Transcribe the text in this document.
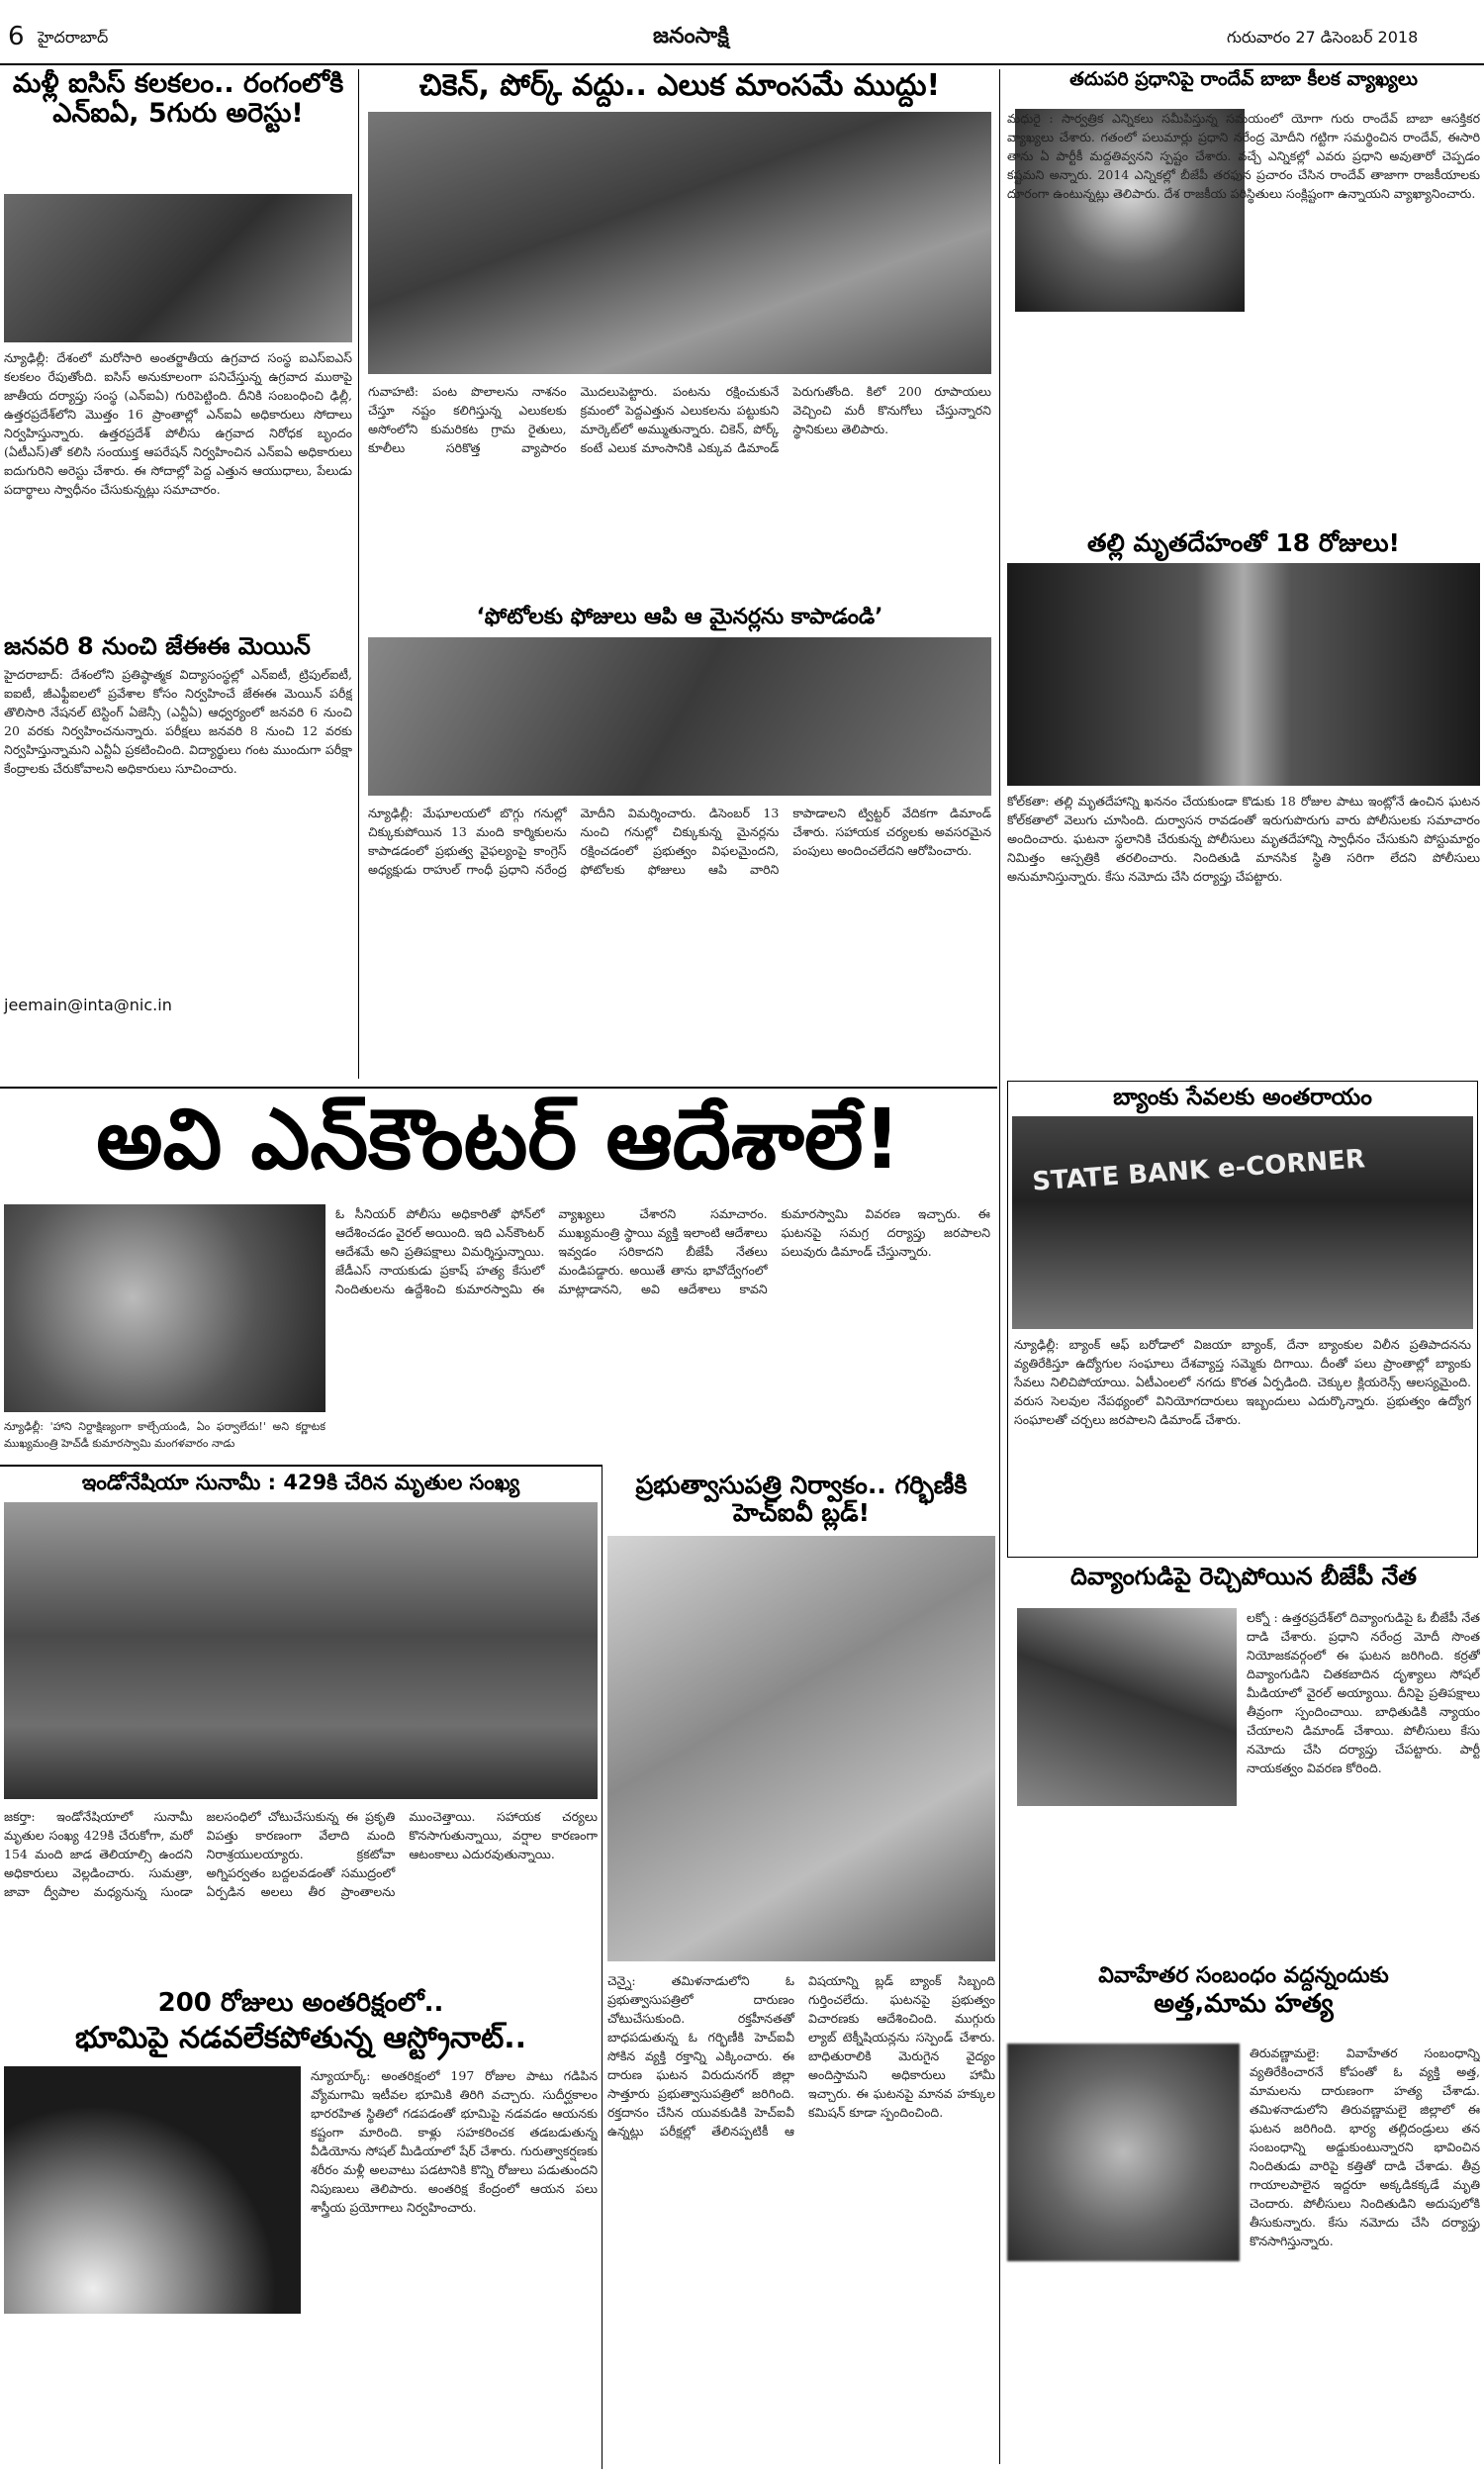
6 హైదరాబాద్	జనంసాక్షి	గురువారం 27 డిసెంబర్ 2018
మళ్లీ ఐసిస్ కలకలం.. రంగంలోకి ఎన్ఐఏ, 5గురు అరెస్టు!
న్యూఢిల్లీ: దేశంలో మరోసారి అంతర్జాతీయ ఉగ్రవాద సంస్థ ఐఎస్ఐఎస్ కలకలం రేపుతోంది. ఐసిస్ అనుకూలంగా పనిచేస్తున్న ఉగ్రవాద ముఠాపై జాతీయ దర్యాప్తు సంస్థ (ఎన్ఐఏ) గురిపెట్టింది. దీనికి సంబంధించి ఢిల్లీ, ఉత్తరప్రదేశ్‌లోని మొత్తం 16 ప్రాంతాల్లో ఎన్ఐఏ అధికారులు సోదాలు నిర్వహిస్తున్నారు. ఉత్తరప్రదేశ్ పోలీసు ఉగ్రవాద నిరోధక బృందం (ఏటీఎస్)తో కలిసి సంయుక్త ఆపరేషన్ నిర్వహించిన ఎన్ఐఏ అధికారులు ఐదుగురిని అరెస్టు చేశారు. ఈ సోదాల్లో పెద్ద ఎత్తున ఆయుధాలు, పేలుడు పదార్థాలు స్వాధీనం చేసుకున్నట్లు సమాచారం.
జనవరి 8 నుంచి జేఈఈ మెయిన్
హైదరాబాద్: దేశంలోని ప్రతిష్ఠాత్మక విద్యాసంస్థల్లో ఎన్ఐటీ, ట్రిపుల్ఐటీ, ఐఐటీ, జీఎఫ్టీఐలలో ప్రవేశాల కోసం నిర్వహించే జేఈఈ మెయిన్ పరీక్ష తొలిసారి నేషనల్ టెస్టింగ్ ఏజెన్సీ (ఎన్టీఏ) ఆధ్వర్యంలో జనవరి 6 నుంచి 20 వరకు నిర్వహించనున్నారు. పరీక్షలు జనవరి 8 నుంచి 12 వరకు నిర్వహిస్తున్నామని ఎన్టీఏ ప్రకటించింది. విద్యార్థులు గంట ముందుగా పరీక్షా కేంద్రాలకు చేరుకోవాలని అధికారులు సూచించారు.
jeemain@inta@nic.in
చికెన్, పోర్క్ వద్దు.. ఎలుక మాంసమే ముద్దు!
గువాహటి: పంట పొలాలను నాశనం చేస్తూ నష్టం కలిగిస్తున్న ఎలుకలకు అసోంలోని కుమరికట గ్రామ రైతులు, కూలీలు సరికొత్త వ్యాపారం మొదలుపెట్టారు. పంటను రక్షించుకునే క్రమంలో పెద్దఎత్తున ఎలుకలను పట్టుకుని మార్కెట్‌లో అమ్ముతున్నారు. చికెన్, పోర్క్ కంటే ఎలుక మాంసానికి ఎక్కువ డిమాండ్ పెరుగుతోంది. కిలో 200 రూపాయలు వెచ్చించి మరీ కొనుగోలు చేస్తున్నారని స్థానికులు తెలిపారు.
‘ఫోటోలకు ఫోజులు ఆపి ఆ మైనర్లను కాపాడండి’
న్యూఢిల్లీ: మేఘాలయలో బొగ్గు గనుల్లో చిక్కుకుపోయిన 13 మంది కార్మికులను కాపాడడంలో ప్రభుత్వ వైఫల్యంపై కాంగ్రెస్ అధ్యక్షుడు రాహుల్ గాంధీ ప్రధాని నరేంద్ర మోదీని విమర్శించారు. డిసెంబర్ 13 నుంచి గనుల్లో చిక్కుకున్న మైనర్లను రక్షించడంలో ప్రభుత్వం విఫలమైందని, ఫోటోలకు ఫోజులు ఆపి వారిని కాపాడాలని ట్విట్టర్ వేదికగా డిమాండ్ చేశారు. సహాయక చర్యలకు అవసరమైన పంపులు అందించలేదని ఆరోపించారు.
అవి ఎన్‌కౌంటర్ ఆదేశాలే!
న్యూఢిల్లీ: 'హాని నిర్దాక్షిణ్యంగా కాల్చేయండి, ఏం ఫర్వాలేదు!' అని కర్ణాటక ముఖ్యమంత్రి హెచ్‌డీ కుమారస్వామి మంగళవారం నాడు
ఓ సీనియర్ పోలీసు అధికారితో ఫోన్‌లో ఆదేశించడం వైరల్ అయింది. ఇది ఎన్‌కౌంటర్ ఆదేశమే అని ప్రతిపక్షాలు విమర్శిస్తున్నాయి. జేడీఎస్ నాయకుడు ప్రకాష్ హత్య కేసులో నిందితులను ఉద్దేశించి కుమారస్వామి ఈ వ్యాఖ్యలు చేశారని సమాచారం. ముఖ్యమంత్రి స్థాయి వ్యక్తి ఇలాంటి ఆదేశాలు ఇవ్వడం సరికాదని బీజేపీ నేతలు మండిపడ్డారు. అయితే తాను భావోద్వేగంలో మాట్లాడానని, అవి ఆదేశాలు కావని కుమారస్వామి వివరణ ఇచ్చారు. ఈ ఘటనపై సమగ్ర దర్యాప్తు జరపాలని పలువురు డిమాండ్ చేస్తున్నారు.
ఇండోనేషియా సునామీ : 429కి చేరిన మృతుల సంఖ్య
జకర్తా: ఇండోనేషియాలో సునామీ మృతుల సంఖ్య 429కి చేరుకోగా, మరో 154 మంది జాడ తెలియాల్సి ఉందని అధికారులు వెల్లడించారు. సుమత్రా, జావా ద్వీపాల మధ్యనున్న సుండా జలసంధిలో చోటుచేసుకున్న ఈ ప్రకృతి విపత్తు కారణంగా వేలాది మంది నిరాశ్రయులయ్యారు. క్రకటోవా అగ్నిపర్వతం బద్దలవడంతో సముద్రంలో ఏర్పడిన అలలు తీర ప్రాంతాలను ముంచెత్తాయి. సహాయక చర్యలు కొనసాగుతున్నాయి, వర్షాల కారణంగా ఆటంకాలు ఎదురవుతున్నాయి.
200 రోజులు అంతరిక్షంలో..
భూమిపై నడవలేకపోతున్న ఆస్ట్రోనాట్..
న్యూయార్క్: అంతరిక్షంలో 197 రోజుల పాటు గడిపిన వ్యోమగామి ఇటీవల భూమికి తిరిగి వచ్చారు. సుదీర్ఘకాలం భారరహిత స్థితిలో గడపడంతో భూమిపై నడవడం ఆయనకు కష్టంగా మారింది. కాళ్లు సహకరించక తడబడుతున్న వీడియోను సోషల్ మీడియాలో షేర్ చేశారు. గురుత్వాకర్షణకు శరీరం మళ్లీ అలవాటు పడటానికి కొన్ని రోజులు పడుతుందని నిపుణులు తెలిపారు. అంతరిక్ష కేంద్రంలో ఆయన పలు శాస్త్రీయ ప్రయోగాలు నిర్వహించారు.
ప్రభుత్వాసుపత్రి నిర్వాకం.. గర్భిణీకి హెచ్ఐవీ బ్లడ్!
చెన్నై: తమిళనాడులోని ఓ ప్రభుత్వాసుపత్రిలో దారుణం చోటుచేసుకుంది. రక్తహీనతతో బాధపడుతున్న ఓ గర్భిణీకి హెచ్ఐవీ సోకిన వ్యక్తి రక్తాన్ని ఎక్కించారు. ఈ దారుణ ఘటన విరుదునగర్ జిల్లా సాత్తూరు ప్రభుత్వాసుపత్రిలో జరిగింది. రక్తదానం చేసిన యువకుడికి హెచ్ఐవీ ఉన్నట్లు పరీక్షల్లో తేలినప్పటికీ ఆ విషయాన్ని బ్లడ్ బ్యాంక్ సిబ్బంది గుర్తించలేదు. ఘటనపై ప్రభుత్వం విచారణకు ఆదేశించింది. ముగ్గురు ల్యాబ్ టెక్నీషియన్లను సస్పెండ్ చేశారు. బాధితురాలికి మెరుగైన వైద్యం అందిస్తామని అధికారులు హామీ ఇచ్చారు. ఈ ఘటనపై మానవ హక్కుల కమిషన్ కూడా స్పందించింది.
తదుపరి ప్రధానిపై రాందేవ్ బాబా కీలక వ్యాఖ్యలు
మధురై : సార్వత్రిక ఎన్నికలు సమీపిస్తున్న సమయంలో యోగా గురు రాందేవ్ బాబా ఆసక్తికర వ్యాఖ్యలు చేశారు. గతంలో పలుమార్లు ప్రధాని నరేంద్ర మోదీని గట్టిగా సమర్థించిన రాందేవ్, ఈసారి తాను ఏ పార్టీకీ మద్దతివ్వనని స్పష్టం చేశారు. వచ్చే ఎన్నికల్లో ఎవరు ప్రధాని అవుతారో చెప్పడం కష్టమని అన్నారు. 2014 ఎన్నికల్లో బీజేపీ తరఫున ప్రచారం చేసిన రాందేవ్ తాజాగా రాజకీయాలకు దూరంగా ఉంటున్నట్లు తెలిపారు. దేశ రాజకీయ పరిస్థితులు సంక్లిష్టంగా ఉన్నాయని వ్యాఖ్యానించారు.
తల్లి మృతదేహంతో 18 రోజులు!
కోల్‌కతా: తల్లి మృతదేహాన్ని ఖననం చేయకుండా కొడుకు 18 రోజుల పాటు ఇంట్లోనే ఉంచిన ఘటన కోల్‌కతాలో వెలుగు చూసింది. దుర్వాసన రావడంతో ఇరుగుపొరుగు వారు పోలీసులకు సమాచారం అందించారు. ఘటనా స్థలానికి చేరుకున్న పోలీసులు మృతదేహాన్ని స్వాధీనం చేసుకుని పోస్టుమార్టం నిమిత్తం ఆస్పత్రికి తరలించారు. నిందితుడి మానసిక స్థితి సరిగా లేదని పోలీసులు అనుమానిస్తున్నారు. కేసు నమోదు చేసి దర్యాప్తు చేపట్టారు.
బ్యాంకు సేవలకు అంతరాయం
STATE BANK e-CORNER
న్యూఢిల్లీ: బ్యాంక్ ఆఫ్ బరోడాలో విజయా బ్యాంక్, దేనా బ్యాంకుల విలీన ప్రతిపాదనను వ్యతిరేకిస్తూ ఉద్యోగుల సంఘాలు దేశవ్యాప్త సమ్మెకు దిగాయి. దీంతో పలు ప్రాంతాల్లో బ్యాంకు సేవలు నిలిచిపోయాయి. ఏటీఎంలలో నగదు కొరత ఏర్పడింది. చెక్కుల క్లియరెన్స్ ఆలస్యమైంది. వరుస సెలవుల నేపథ్యంలో వినియోగదారులు ఇబ్బందులు ఎదుర్కొన్నారు. ప్రభుత్వం ఉద్యోగ సంఘాలతో చర్చలు జరపాలని డిమాండ్ చేశారు.
దివ్యాంగుడిపై రెచ్చిపోయిన బీజేపీ నేత
లక్నో : ఉత్తరప్రదేశ్‌లో దివ్యాంగుడిపై ఓ బీజేపీ నేత దాడి చేశారు. ప్రధాని నరేంద్ర మోదీ సొంత నియోజకవర్గంలో ఈ ఘటన జరిగింది. కర్రతో దివ్యాంగుడిని చితకబాదిన దృశ్యాలు సోషల్ మీడియాలో వైరల్ అయ్యాయి. దీనిపై ప్రతిపక్షాలు తీవ్రంగా స్పందించాయి. బాధితుడికి న్యాయం చేయాలని డిమాండ్ చేశాయి. పోలీసులు కేసు నమోదు చేసి దర్యాప్తు చేపట్టారు. పార్టీ నాయకత్వం వివరణ కోరింది.
వివాహేతర సంబంధం వద్దన్నందుకు
అత్త,మామ హత్య
తిరువణ్ణామలై: వివాహేతర సంబంధాన్ని వ్యతిరేకించారనే కోపంతో ఓ వ్యక్తి అత్త, మామలను దారుణంగా హత్య చేశాడు. తమిళనాడులోని తిరువణ్ణామలై జిల్లాలో ఈ ఘటన జరిగింది. భార్య తల్లిదండ్రులు తన సంబంధాన్ని అడ్డుకుంటున్నారని భావించిన నిందితుడు వారిపై కత్తితో దాడి చేశాడు. తీవ్ర గాయాలపాలైన ఇద్దరూ అక్కడికక్కడే మృతి చెందారు. పోలీసులు నిందితుడిని అదుపులోకి తీసుకున్నారు. కేసు నమోదు చేసి దర్యాప్తు కొనసాగిస్తున్నారు.
